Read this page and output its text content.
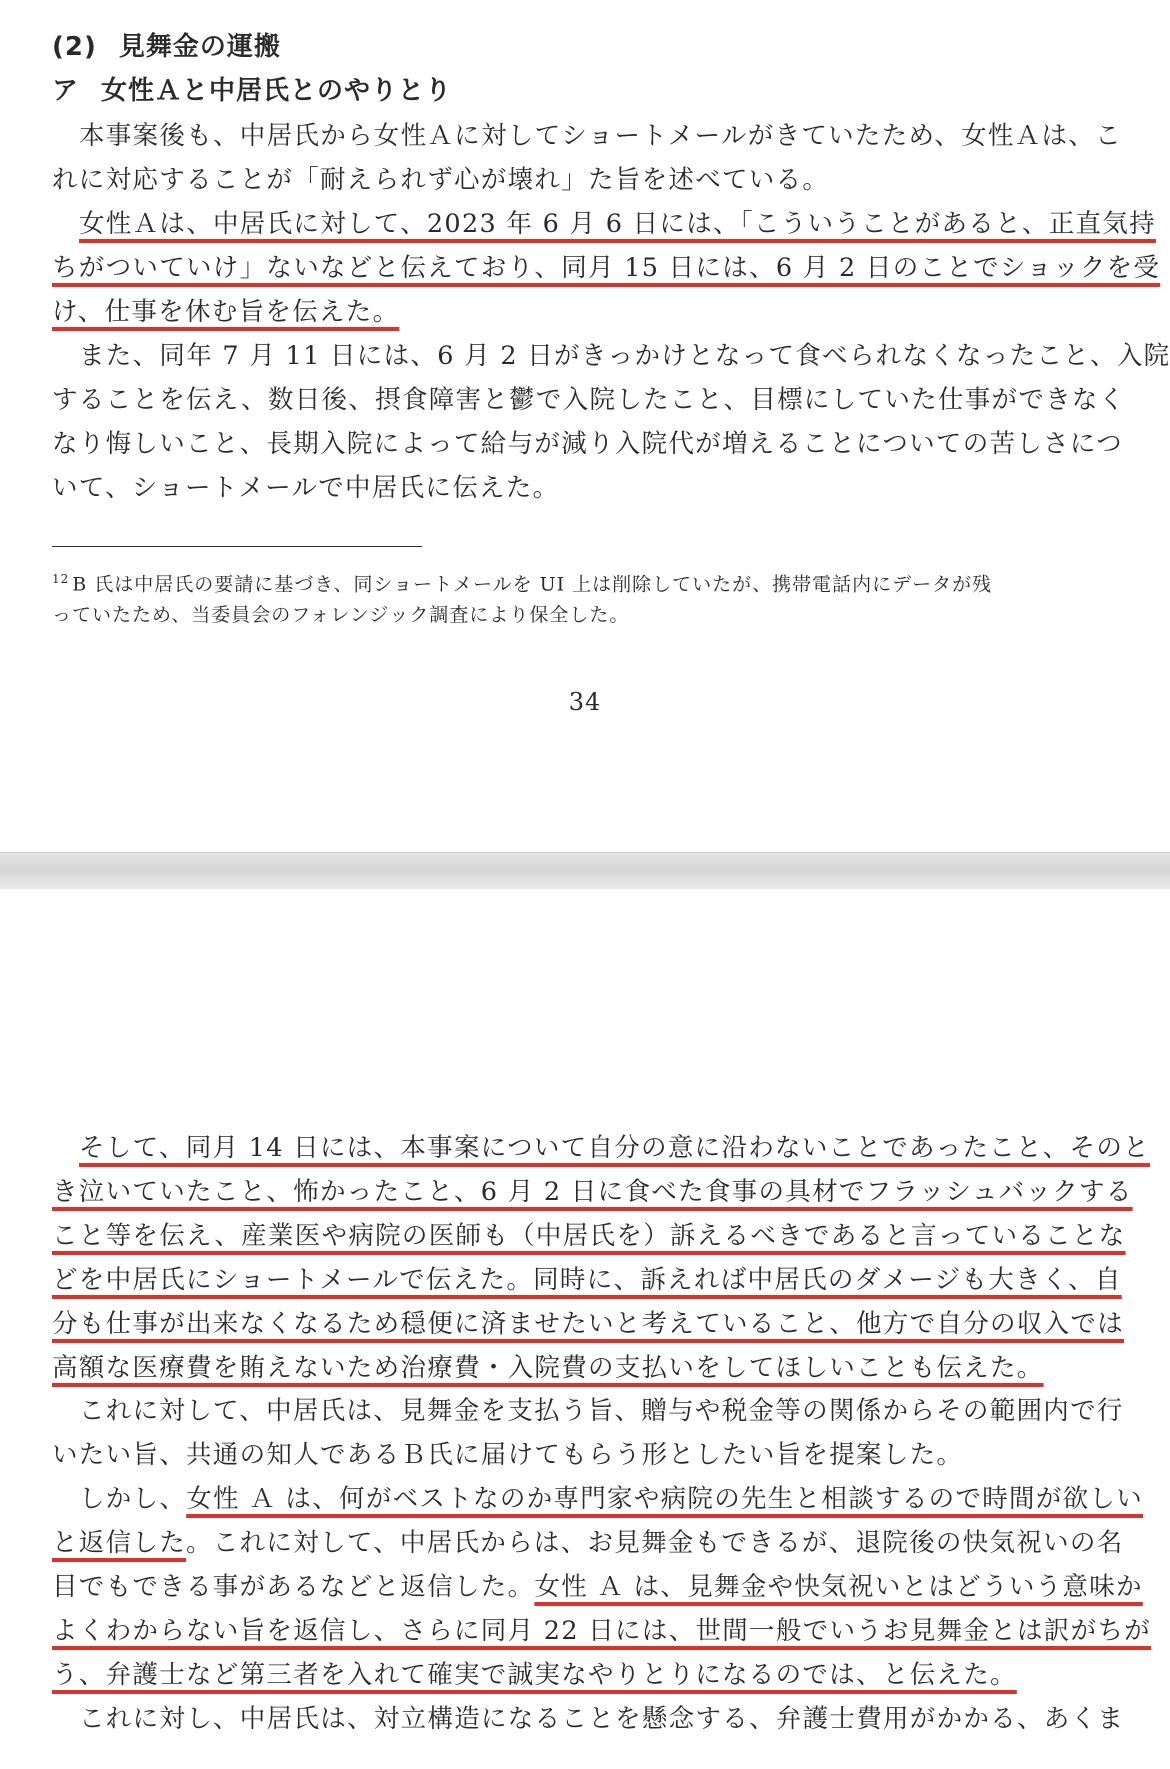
(2) 見舞金の運搬
ア 女性Ａと中居氏とのやりとり
本事案後も、中居氏から女性Ａに対してショートメールがきていたため、女性Ａは、こ
れに対応することが「耐えられず心が壊れ」た旨を述べている。
女性Ａは、中居氏に対して、2023 年 6 月 6 日には、「こういうことがあると、正直気持
ちがついていけ」ないなどと伝えており、同月 15 日には、6 月 2 日のことでショックを受
け、仕事を休む旨を伝えた。
また、同年 7 月 11 日には、6 月 2 日がきっかけとなって食べられなくなったこと、入院
することを伝え、数日後、摂食障害と鬱で入院したこと、目標にしていた仕事ができなく
なり悔しいこと、長期入院によって給与が減り入院代が増えることについての苦しさにつ
いて、ショートメールで中居氏に伝えた。
$^{12}$ B 氏は中居氏の要請に基づき、同ショートメールを UI 上は削除していたが、携帯電話内にデータが残
っていたため、当委員会のフォレンジック調査により保全した。
34
そして、同月 14 日には、本事案について自分の意に沿わないことであったこと、そのと
き泣いていたこと、怖かったこと、6 月 2 日に食べた食事の具材でフラッシュバックする
こと等を伝え、産業医や病院の医師も（中居氏を）訴えるべきであると言っていることな
どを中居氏にショートメールで伝えた。同時に、訴えれば中居氏のダメージも大きく、自
分も仕事が出来なくなるため穏便に済ませたいと考えていること、他方で自分の収入では
高額な医療費を賄えないため治療費・入院費の支払いをしてほしいことも伝えた。
これに対して、中居氏は、見舞金を支払う旨、贈与や税金等の関係からその範囲内で行
いたい旨、共通の知人であるＢ氏に届けてもらう形としたい旨を提案した。
しかし、女性 Ａ は、何がベストなのか専門家や病院の先生と相談するので時間が欲しい
と返信した。これに対して、中居氏からは、お見舞金もできるが、退院後の快気祝いの名
目でもできる事があるなどと返信した。女性 Ａ は、見舞金や快気祝いとはどういう意味か
よくわからない旨を返信し、さらに同月 22 日には、世間一般でいうお見舞金とは訳がちが
う、弁護士など第三者を入れて確実で誠実なやりとりになるのでは、と伝えた。
これに対し、中居氏は、対立構造になることを懸念する、弁護士費用がかかる、あくま
